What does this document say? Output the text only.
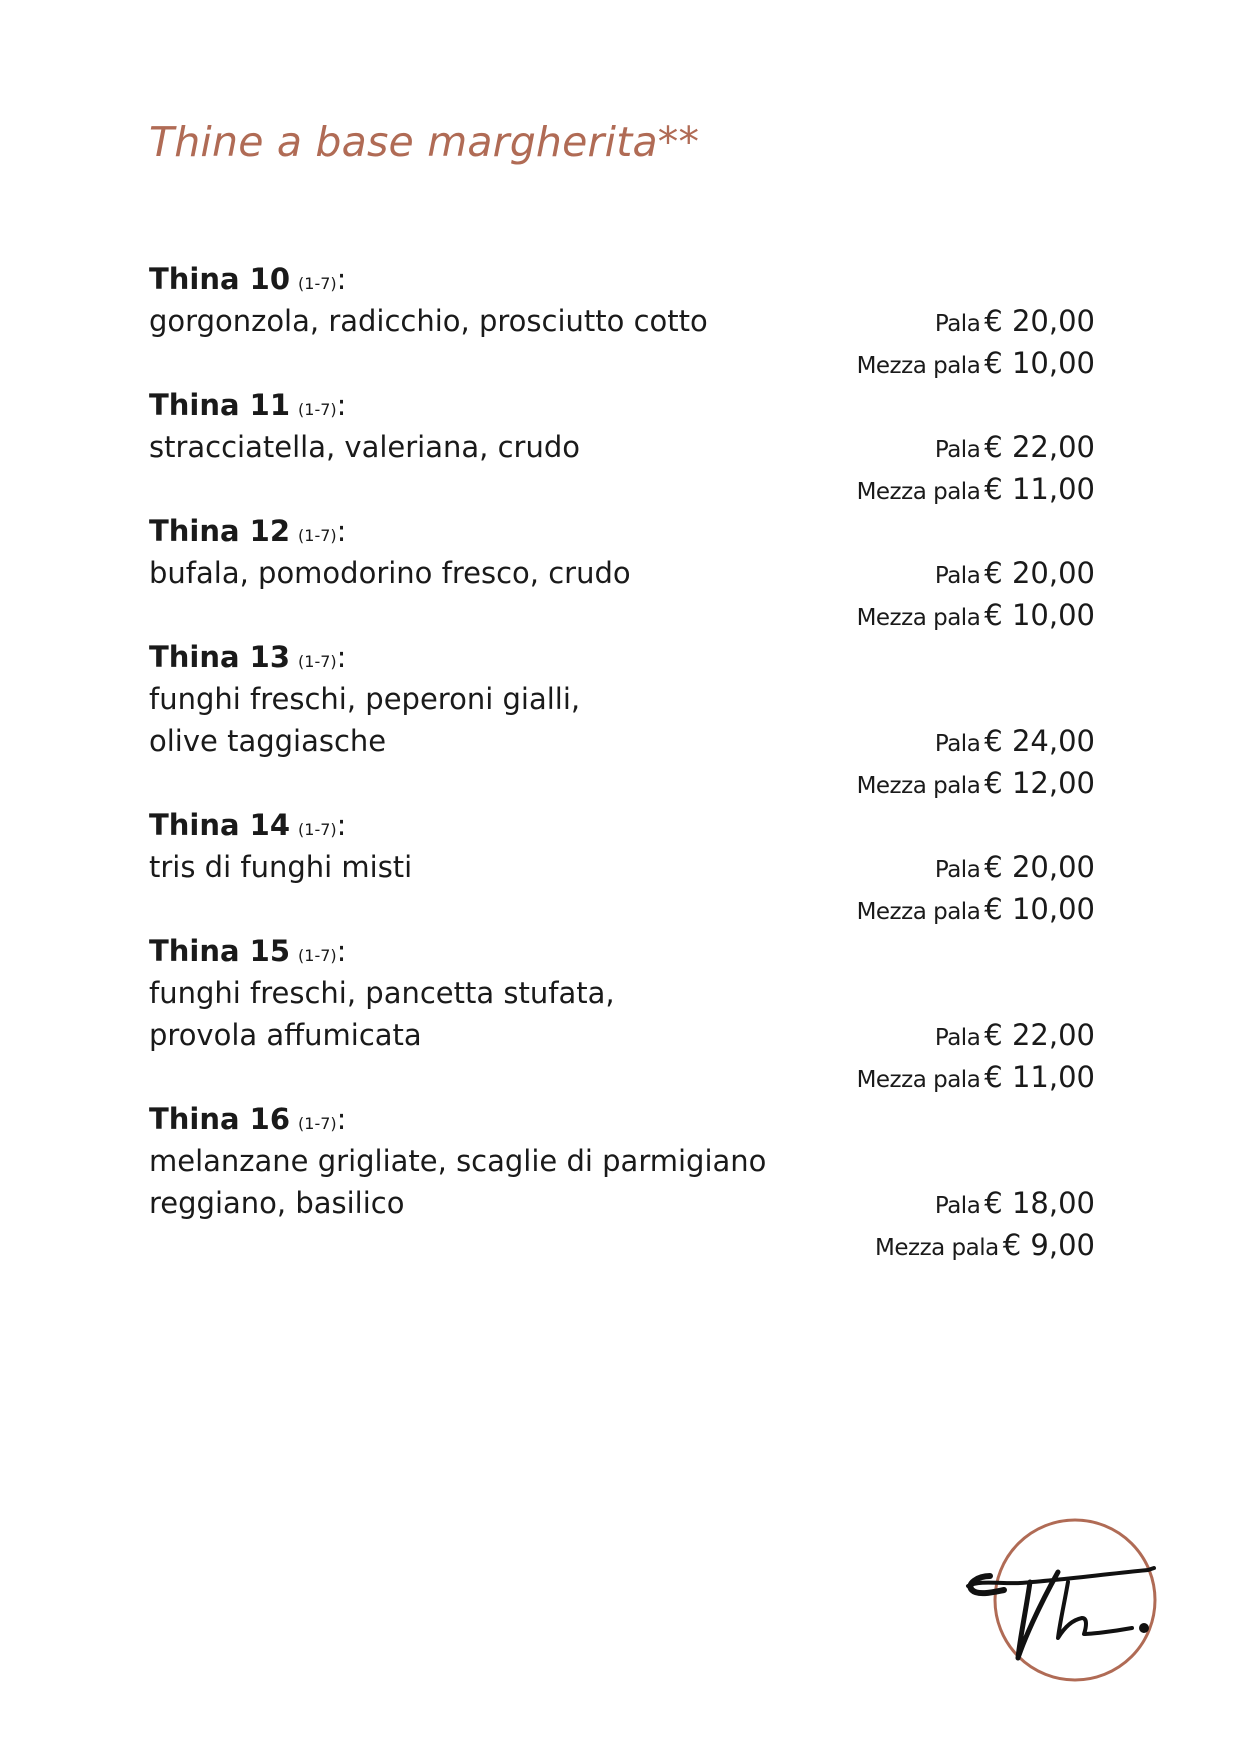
Thine a base margherita**
Thina 10 (1-7):
gorgonzola, radicchio, prosciutto cotto	Pala € 20,00
Mezza pala € 10,00
Thina 11 (1-7):
stracciatella, valeriana, crudo	Pala € 22,00
Mezza pala € 11,00
Thina 12 (1-7):
bufala, pomodorino fresco, crudo	Pala € 20,00
Mezza pala € 10,00
Thina 13 (1-7):
funghi freschi, peperoni gialli,
olive taggiasche	Pala € 24,00
Mezza pala € 12,00
Thina 14 (1-7):
tris di funghi misti	Pala € 20,00
Mezza pala € 10,00
Thina 15 (1-7):
funghi freschi, pancetta stufata,
provola affumicata	Pala € 22,00
Mezza pala € 11,00
Thina 16 (1-7):
melanzane grigliate, scaglie di parmigiano
reggiano, basilico	Pala € 18,00
Mezza pala € 9,00
